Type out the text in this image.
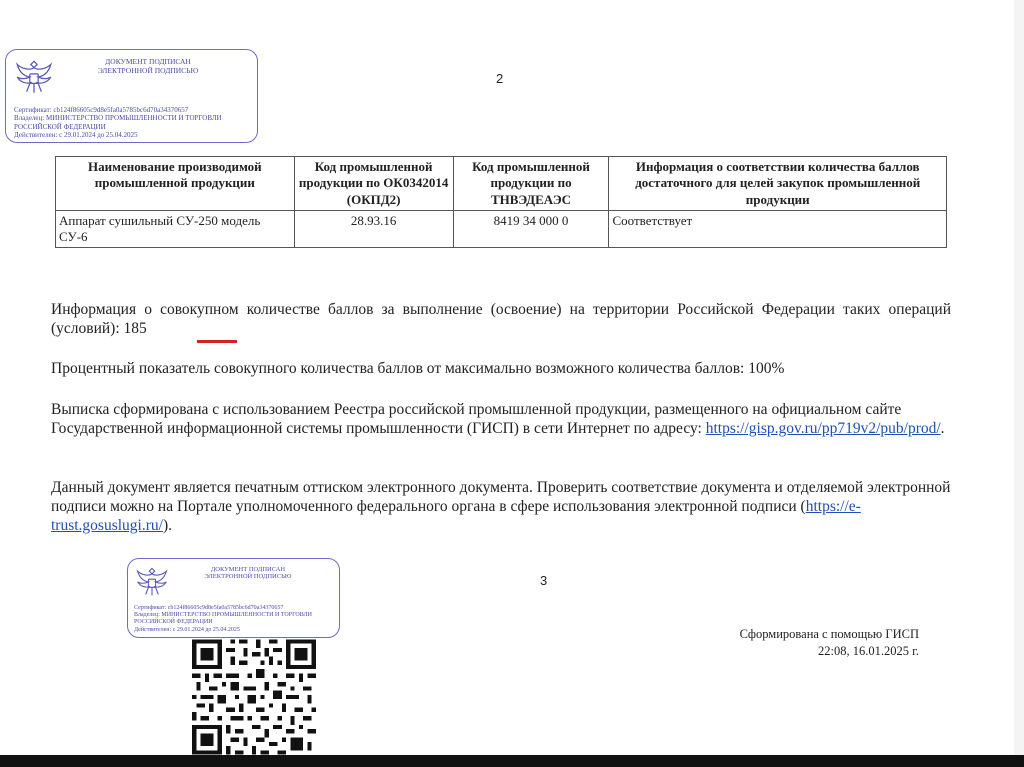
ДОКУМЕНТ ПОДПИСАН ЭЛЕКТРОННОЙ ПОДПИСЬЮ
Сертификат: cb124f86605c9d8e5fa0a5785bc6d70a34370657
Владелец: МИНИСТЕРСТВО ПРОМЫШЛЕННОСТИ И ТОРГОВЛИ РОССИЙСКОЙ ФЕДЕРАЦИИ
Действителен: с 29.01.2024 до 25.04.2025
2
Наименование производимой промышленной продукции	Код промышленной продукции по ОК0342014 (ОКПД2)	Код промышленной продукции по ТНВЭДЕАЭС	Информация о соответствии количества баллов достаточного для целей закупок промышленной продукции
Аппарат сушильный СУ-250 модель СУ-6	28.93.16	8419 34 000 0	Соответствует
Информация о совокупном количестве баллов за выполнение (освоение) на территории Российской Федерации таких операций (условий): 185
Процентный показатель совокупного количества баллов от максимально возможного количества баллов: 100%
Выписка сформирована с использованием Реестра российской промышленной продукции, размещенного на официальном сайте Государственной информационной системы промышленности (ГИСП) в сети Интернет по адресу: https://gisp.gov.ru/pp719v2/pub/prod/.
Данный документ является печатным оттиском электронного документа. Проверить соответствие документа и отделяемой электронной подписи можно на Портале уполномоченного федерального органа в сфере использования электронной подписи (https://e-trust.gosuslugi.ru/).
ДОКУМЕНТ ПОДПИСАН ЭЛЕКТРОННОЙ ПОДПИСЬЮ
Сертификат: cb124f86605c9d8e5fa0a5785bc6d70a34370657
Владелец: МИНИСТЕРСТВО ПРОМЫШЛЕННОСТИ И ТОРГОВЛИ РОССИЙСКОЙ ФЕДЕРАЦИИ
Действителен: с 29.01.2024 до 25.04.2025
3
Сформирована с помощью ГИСП
22:08, 16.01.2025 г.
